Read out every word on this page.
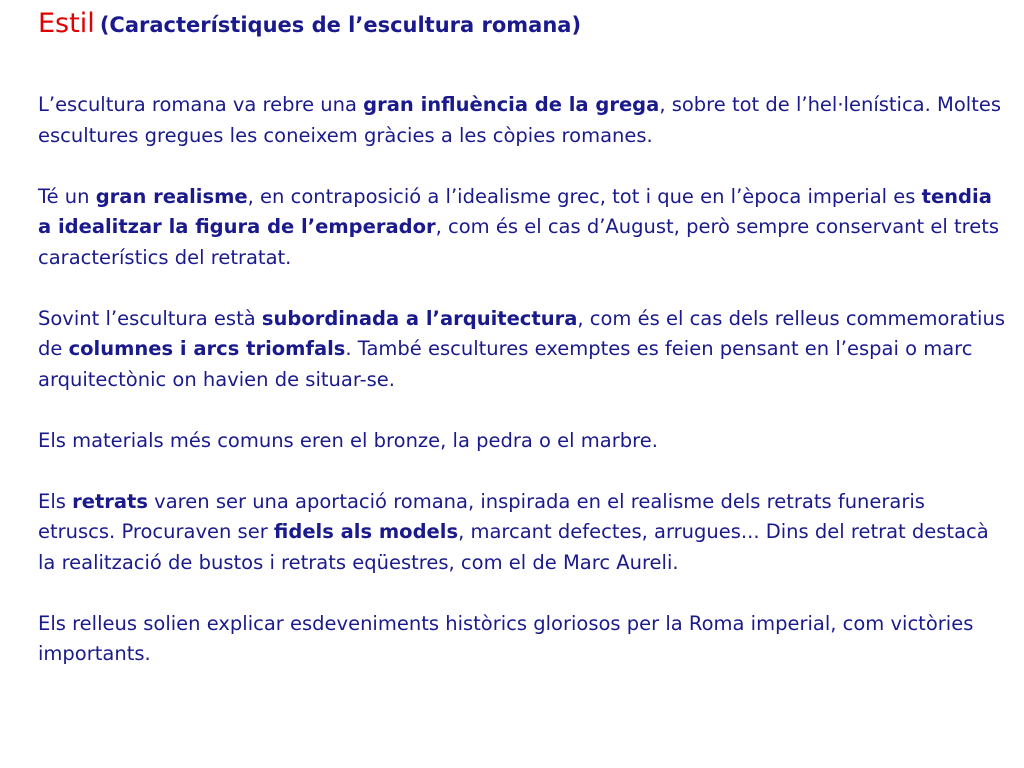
Estil (Característiques de l’escultura romana)

L’escultura romana va rebre una gran influència de la grega, sobre tot de l’hel·lenística. Moltes escultures gregues les coneixem gràcies a les còpies romanes.

Té un gran realisme, en contraposició a l’idealisme grec, tot i que en l’època imperial es tendia a idealitzar la figura de l’emperador, com és el cas d’August, però sempre conservant el trets característics del retratat.

Sovint l’escultura està subordinada a l’arquitectura, com és el cas dels relleus commemoratius de columnes i arcs triomfals. També escultures exemptes es feien pensant en l’espai o marc arquitectònic on havien de situar-se.

Els materials més comuns eren el bronze, la pedra o el marbre.

Els retrats varen ser una aportació romana, inspirada en el realisme dels retrats funeraris etruscs. Procuraven ser fidels als models, marcant defectes, arrugues... Dins del retrat destacà la realització de bustos i retrats eqüestres, com el de Marc Aureli.

Els relleus solien explicar esdeveniments històrics gloriosos per la Roma imperial, com victòries importants.
